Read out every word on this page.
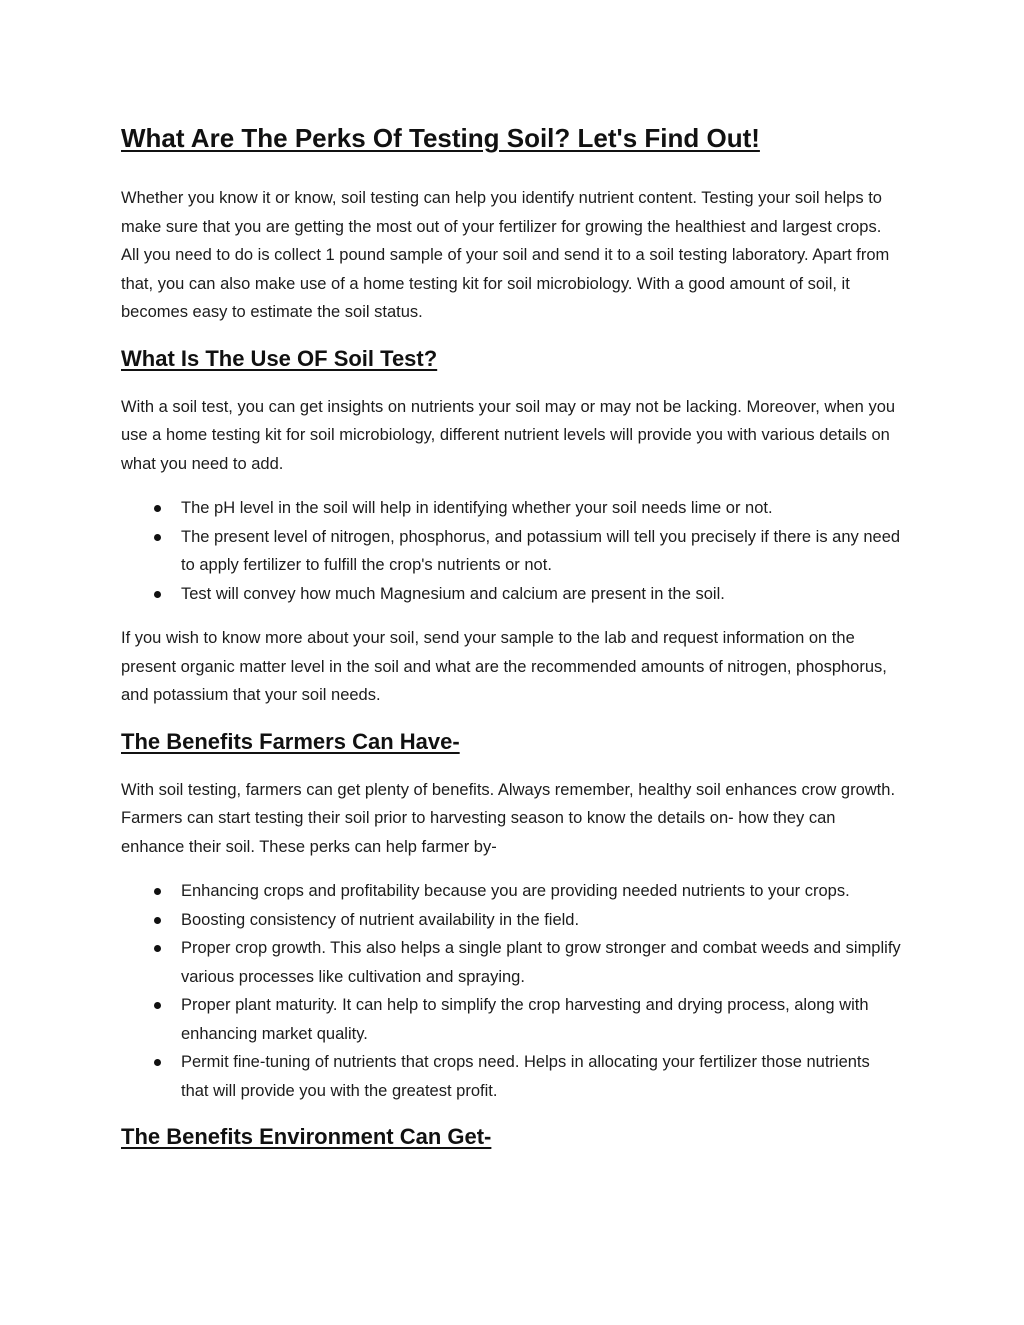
What Are The Perks Of Testing Soil? Let's Find Out!

Whether you know it or know, soil testing can help you identify nutrient content. Testing your soil helps to make sure that you are getting the most out of your fertilizer for growing the healthiest and largest crops. All you need to do is collect 1 pound sample of your soil and send it to a soil testing laboratory. Apart from that, you can also make use of a home testing kit for soil microbiology. With a good amount of soil, it becomes easy to estimate the soil status.

What Is The Use OF Soil Test?

With a soil test, you can get insights on nutrients your soil may or may not be lacking. Moreover, when you use a home testing kit for soil microbiology, different nutrient levels will provide you with various details on what you need to add.

The pH level in the soil will help in identifying whether your soil needs lime or not.
The present level of nitrogen, phosphorus, and potassium will tell you precisely if there is any need to apply fertilizer to fulfill the crop's nutrients or not.
Test will convey how much Magnesium and calcium are present in the soil.

If you wish to know more about your soil, send your sample to the lab and request information on the present organic matter level in the soil and what are the recommended amounts of nitrogen, phosphorus, and potassium that your soil needs.

The Benefits Farmers Can Have-

With soil testing, farmers can get plenty of benefits. Always remember, healthy soil enhances crow growth. Farmers can start testing their soil prior to harvesting season to know the details on- how they can enhance their soil. These perks can help farmer by-

Enhancing crops and profitability because you are providing needed nutrients to your crops.
Boosting consistency of nutrient availability in the field.
Proper crop growth. This also helps a single plant to grow stronger and combat weeds and simplify various processes like cultivation and spraying.
Proper plant maturity. It can help to simplify the crop harvesting and drying process, along with enhancing market quality.
Permit fine-tuning of nutrients that crops need. Helps in allocating your fertilizer those nutrients that will provide you with the greatest profit.
The Benefits Environment Can Get-
